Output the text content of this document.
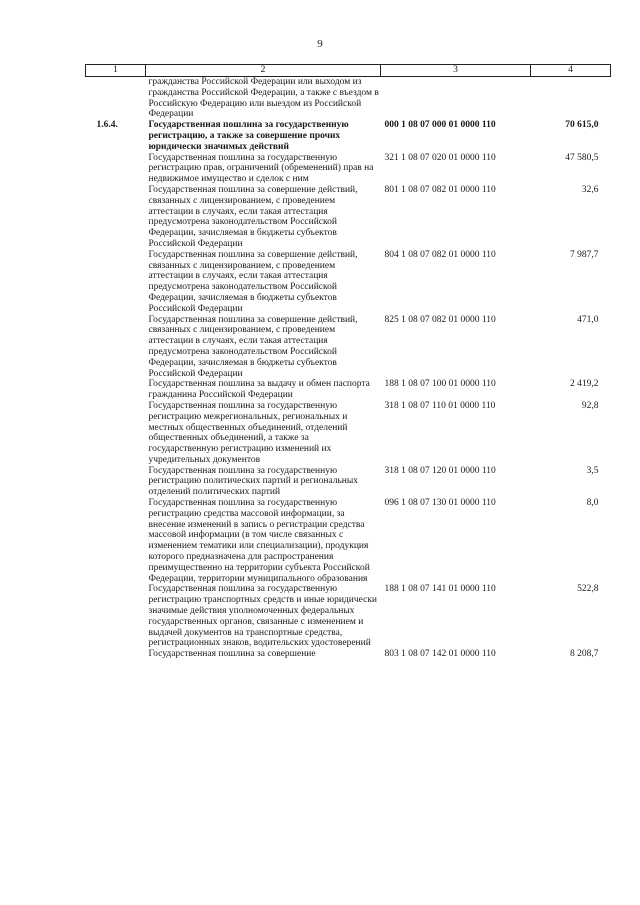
9
1	2	3	4
	гражданства Российской Федерации или выходом из гражданства Российской Федерации, а также с въездом в Российскую Федерацию или выездом из Российской Федерации		
1.6.4.	Государственная пошлина за государственную регистрацию, а также за совершение прочих юридически значимых действий	000 1 08 07 000 01 0000 110	70 615,0
	Государственная пошлина за государственную регистрацию прав, ограничений (обременений) прав на недвижимое имущество и сделок с ним	321 1 08 07 020 01 0000 110	47 580,5
	Государственная пошлина за совершение действий, связанных с лицензированием, с проведением аттестации в случаях, если такая аттестация предусмотрена законодательством Российской Федерации, зачисляемая в бюджеты субъектов Российской Федерации	801 1 08 07 082 01 0000 110	32,6
	Государственная пошлина за совершение действий, связанных с лицензированием, с проведением аттестации в случаях, если такая аттестация предусмотрена законодательством Российской Федерации, зачисляемая в бюджеты субъектов Российской Федерации	804 1 08 07 082 01 0000 110	7 987,7
	Государственная пошлина за совершение действий, связанных с лицензированием, с проведением аттестации в случаях, если такая аттестация предусмотрена законодательством Российской Федерации, зачисляемая в бюджеты субъектов Российской Федерации	825 1 08 07 082 01 0000 110	471,0
	Государственная пошлина за выдачу и обмен паспорта гражданина Российской Федерации	188 1 08 07 100 01 0000 110	2 419,2
	Государственная пошлина за государственную регистрацию межрегиональных, региональных и местных общественных объединений, отделений общественных объединений, а также за государственную регистрацию изменений их учредительных документов	318 1 08 07 110 01 0000 110	92,8
	Государственная пошлина за государственную регистрацию политических партий и региональных отделений политических партий	318 1 08 07 120 01 0000 110	3,5
	Государственная пошлина за государственную регистрацию средства массовой информации, за внесение изменений в запись о регистрации средства массовой информации (в том числе связанных с изменением тематики или специализации), продукция которого предназначена для распространения преимущественно на территории субъекта Российской Федерации, территории муниципального образования	096 1 08 07 130 01 0000 110	8,0
	Государственная пошлина за государственную регистрацию транспортных средств и иные юридически значимые действия уполномоченных федеральных государственных органов, связанные с изменением и выдачей документов на транспортные средства, регистрационных знаков, водительских удостоверений	188 1 08 07 141 01 0000 110	522,8
	Государственная пошлина за совершение	803 1 08 07 142 01 0000 110	8 208,7
